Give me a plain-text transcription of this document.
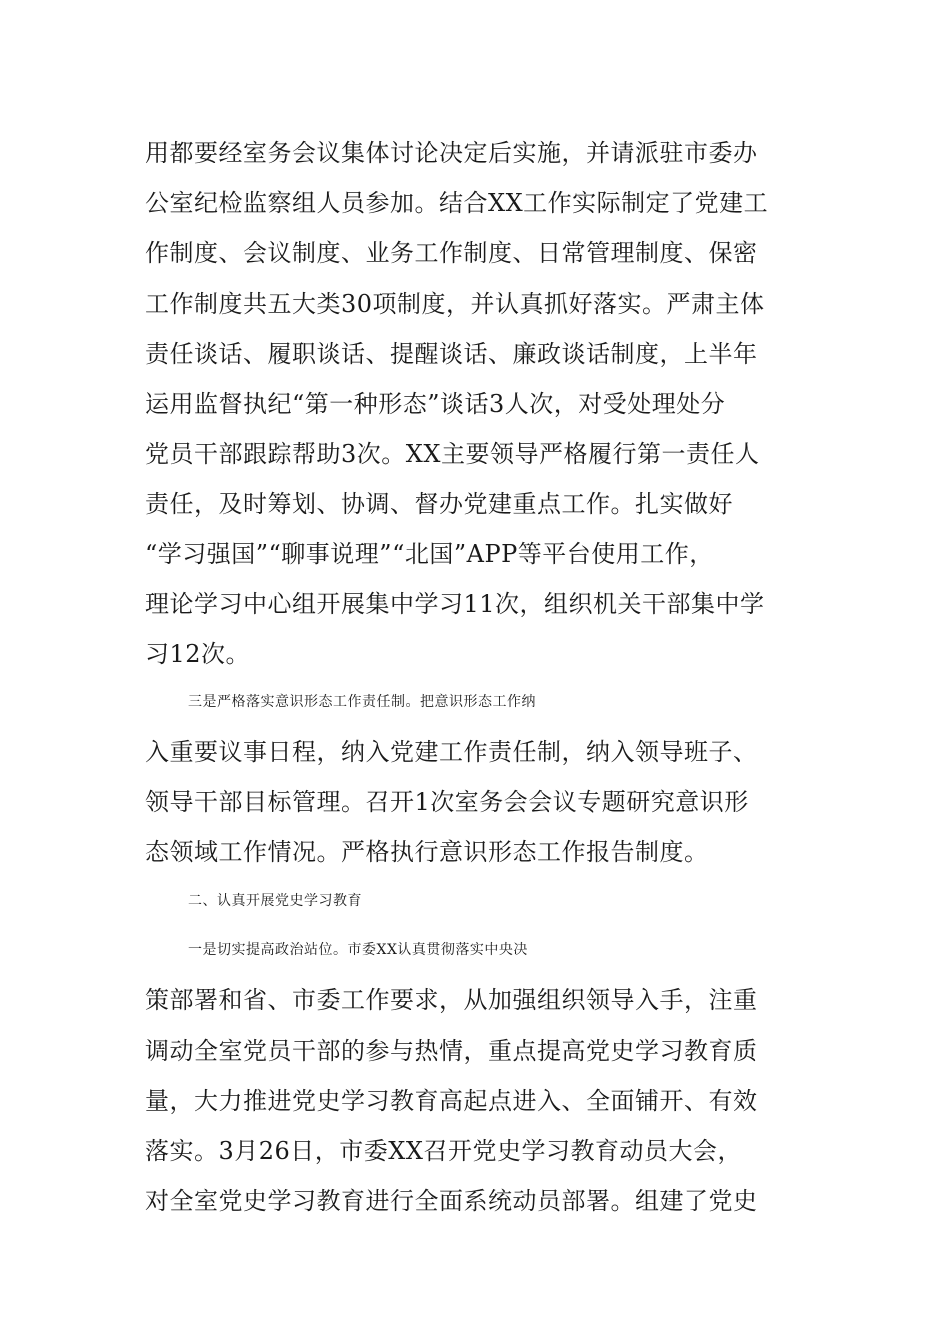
用都要经室务会议集体讨论决定后实施，并请派驻市委办
公室纪检监察组人员参加。结合XX工作实际制定了党建工
作制度、会议制度、业务工作制度、日常管理制度、保密
工作制度共五大类30项制度，并认真抓好落实。严肃主体
责任谈话、履职谈话、提醒谈话、廉政谈话制度，上半年
运用监督执纪“第一种形态”谈话3人次，对受处理处分
党员干部跟踪帮助3次。XX主要领导严格履行第一责任人
责任，及时筹划、协调、督办党建重点工作。扎实做好
“学习强国”“聊事说理”“北国”APP等平台使用工作，
理论学习中心组开展集中学习11次，组织机关干部集中学
习12次。
三是严格落实意识形态工作责任制。把意识形态工作纳
入重要议事日程，纳入党建工作责任制，纳入领导班子、
领导干部目标管理。召开1次室务会会议专题研究意识形
态领域工作情况。严格执行意识形态工作报告制度。
二、认真开展党史学习教育
一是切实提高政治站位。市委XX认真贯彻落实中央决
策部署和省、市委工作要求，从加强组织领导入手，注重
调动全室党员干部的参与热情，重点提高党史学习教育质
量，大力推进党史学习教育高起点进入、全面铺开、有效
落实。3月26日，市委XX召开党史学习教育动员大会，
对全室党史学习教育进行全面系统动员部署。组建了党史
